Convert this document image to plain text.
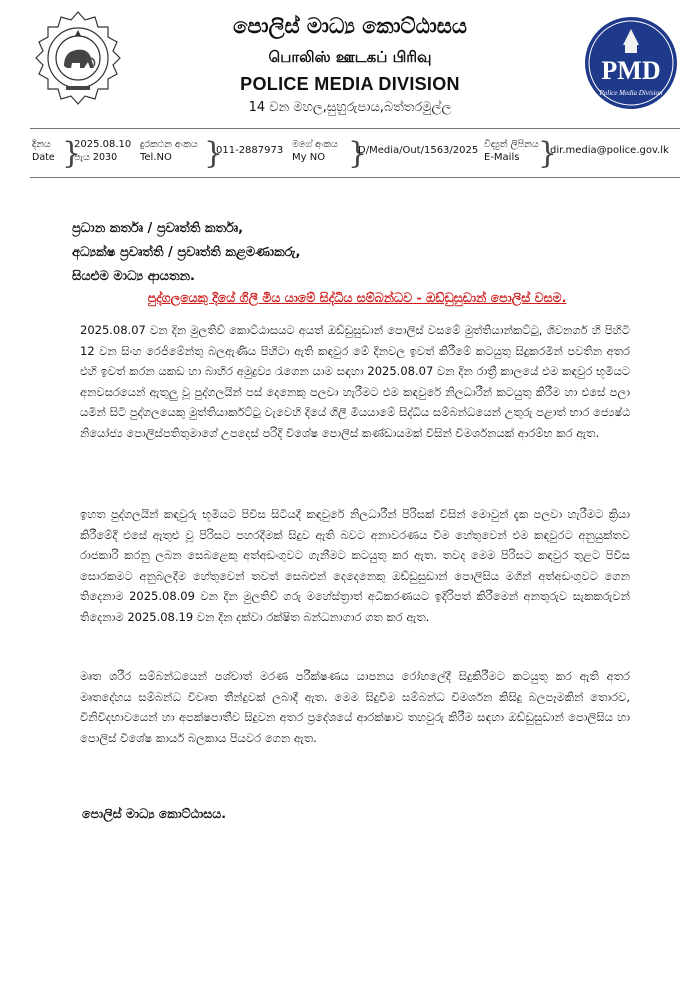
පොලිස් මාධ්‍ය කොට්ඨාසය
பொலிஸ் ஊடகப் பிரிவு
POLICE MEDIA DIVISION
14 වන මහල,සුහුරුපාය,බත්තරමුල්ල
PMD
Police Media Division
දිනය
Date }
2025.08.10
පැය 2030
දුරකථන අංකය
Tel.NO	}
011-2887973
මගේ අංකය
My NO }
D/Media/Out/1563/2025
විද්‍යුත් ලිපිනය
E-Mails }
dir.media@police.gov.lk
ප්‍රධාන කර්තෘ / ප්‍රවෘත්ති කර්තෘ,
අධ්‍යක්ෂ ප්‍රවෘත්ති / ප්‍රවෘත්ති කළමණාකරු,
සියළුම මාධ්‍ය ආයතන.
පුද්ගලයෙකු දියේ ගිලී මිය යාමේ සිද්ධිය සම්බන්ධව - ඔඩ්ඩුසුඩාන් පොලිස් වසම.

2025.08.07 වන දින මුලතිව් කොට්ඨාසයට අයත් ඔඩ්ඩුසුඩාන් පොලිස් වසමේ මුත්තියාන්කට්ටු, ශිවනගර් හි පිහිටි 12 වන සිංහ රෙජිමේන්තු බලඇණිය පිහිටා ඇති කඳවුර මේ දිනවල ඉවත් කිරීමේ කටයුතු සිදුකරමින් පවතින අතර එහි ඉවත් කරන යකඩ හා බාහිර අමුද්‍රව්‍ය රැගෙන යාම සඳහා 2025.08.07 වන දින රාත්‍රී කාලයේ එම කඳවුර භූමියට අනවසරයෙන් ඇතුලු වූ පුද්ගලයින් පස් දෙනෙකු පලවා හැරීමට එම කඳවුරේ නිලධාරීන් කටයුතු කිරීම හා එසේ පලා යමින් සිටි පුද්ගලයෙකු මුත්තියාර්කට්ටු වැවෙහි දියේ ගිලී මියයාමේ සිද්ධිය සම්බන්ධයෙන් උතුරු පළාත් භාර ජ්‍යෙෂ්ඨ නියෝජ්‍ය පොලිස්පතිතුමාගේ උපදෙස් පරිදි විශේෂ පොලිස් කණ්ඩායමක් විසින් විමර්ශනයක් ආරම්භ කර ඇත.

ඉහත පුද්ගලයින් කඳවුරු භූමියට පිවිස සිටියදී කඳවුරේ නිලධාරීන් පිරිසක් විසින් මොවුන් දැක පලවා හැරීමට ක්‍රියා කිරීමේදී එසේ ඇතුළු වූ පිරිසට පහරදීමක් සිදුව ඇති බවට අනාවරණය වීම හේතුවෙන් එම කඳවුරට අනුයුක්තව රාජකාරි කරනු ලබන සෙබළෙකු අත්අඩංගුවට ගැනීමට කටයුතු කර ඇත. තවද මෙම පිරිසට කඳවුර තුළට පිවිස සොරකමට අනුබලදීම හේතුවෙන් තවත් සෙබළුන් දෙදෙනෙකු ඔඩ්ඩුසුඩාන් පොලිසිය මගින් අත්අඩංගුවට ගෙන තිදෙනාම 2025.08.09 වන දින මුලතිව් ගරු මහේස්ත්‍රාත් අධිකරණයට ඉදිරිපත් කිරීමෙන් අනතුරුව සැකකරුවන් තිදෙනාම 2025.08.19 වන දින දක්වා රක්ෂිත බන්ධනාගාර ගත කර ඇත.

මෘත ශරීර සම්බන්ධයෙන් පශ්චාත් මරණ පරීක්ෂණය යාපනය රෝහලේදී සිදුකිරීමට කටයුතු කර ඇති අතර මෘතදේහය සම්බන්ධ විවෘත තීන්දුවක් ලබාදී ඇත. මෙම සිදුවීම සම්බන්ධ විමර්ශන කිසිදු බලපෑමකින් තොරව, විනිවිදභාවයෙන් හා අපක්ෂපාතීව සිදුවන අතර ප්‍රදේශයේ ආරක්ෂාව තහවුරු කිරීම සඳහා ඔඩ්ඩුසුඩාන් පොලිසිය හා පොලිස් විශේෂ කාර්ය බලකාය පියවර ගෙන ඇත.

පොලිස් මාධ්‍ය කොට්ඨාසය.
